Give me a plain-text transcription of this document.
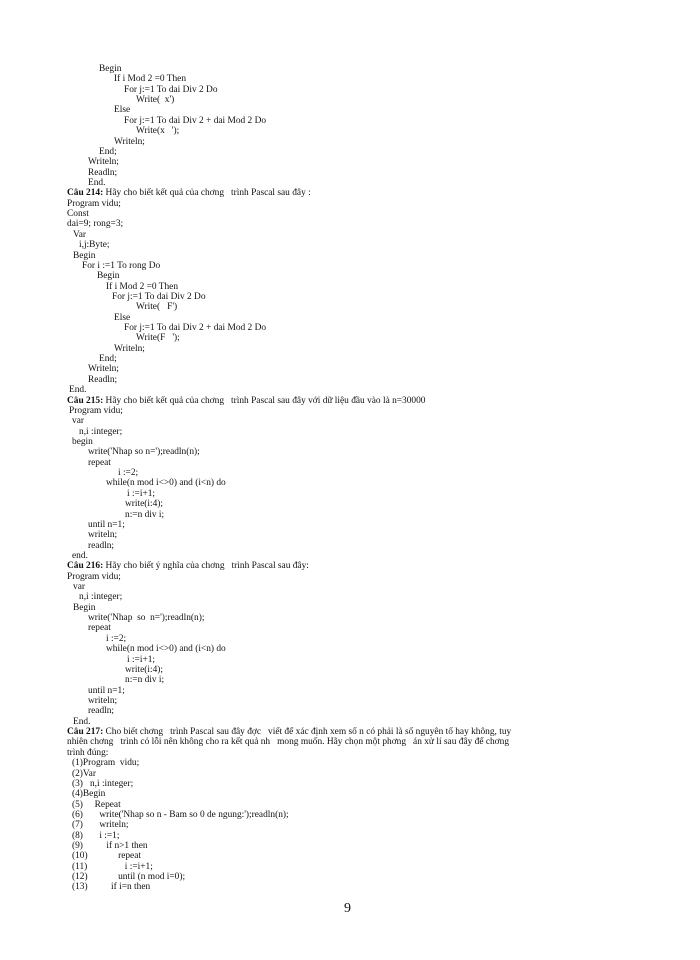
Begin
If i Mod 2 =0 Then
For j:=1 To dai Div 2 Do
Write(  x')
Else
For j:=1 To dai Div 2 + dai Mod 2 Do
Write(x   ');
Writeln;
End;
Writeln;
Readln;
End.
Câu 214: Hãy cho biết kết quả của chơng   trình Pascal sau đây :
Program vidu;
Const
dai=9; rong=3;
Var
i,j:Byte;
Begin
For i :=1 To rong Do
Begin
If i Mod 2 =0 Then
For j:=1 To dai Div 2 Do
Write(   F')
Else
For j:=1 To dai Div 2 + dai Mod 2 Do
Write(F   ');
Writeln;
End;
Writeln;
Readln;
End.
Câu 215: Hãy cho biết kết quả của chơng   trình Pascal sau đây với dữ liệu đầu vào là n=30000
Program vidu;
var
n,i :integer;
begin
write('Nhap so n=');readln(n);
repeat
i :=2;
while(n mod i<>0) and (i<n) do
i :=i+1;
write(i:4);
n:=n div i;
until n=1;
writeln;
readln;
end.
Câu 216: Hãy cho biết ý nghĩa của chơng   trình Pascal sau đây:
Program vidu;
var
n,i :integer;
Begin
write('Nhap  so  n=');readln(n);
repeat
i :=2;
while(n mod i<>0) and (i<n) do
i :=i+1;
write(i:4);
n:=n div i;
until n=1;
writeln;
readln;
End.
Câu 217: Cho biết chơng   trình Pascal sau đây đợc   viết để xác định xem số n có phải là số nguyên tố hay không, tuy
nhiên chơng   trình có lỗi nên không cho ra kết quả nh   mong muốn. Hãy chọn một phơng   án xử lí sau đây để chơng
trình đúng:
(1)Program  vidu;
(2)Var
(3)   n,i :integer;
(4)Begin
(5)     Repeat
(6)       write('Nhap so n - Bam so 0 de ngung:');readln(n);
(7)       writeln;
(8)       i :=1;
(9)          if n>1 then
(10)             repeat
(11)                i :=i+1;
(12)             until (n mod i=0);
(13)          if i=n then
9
